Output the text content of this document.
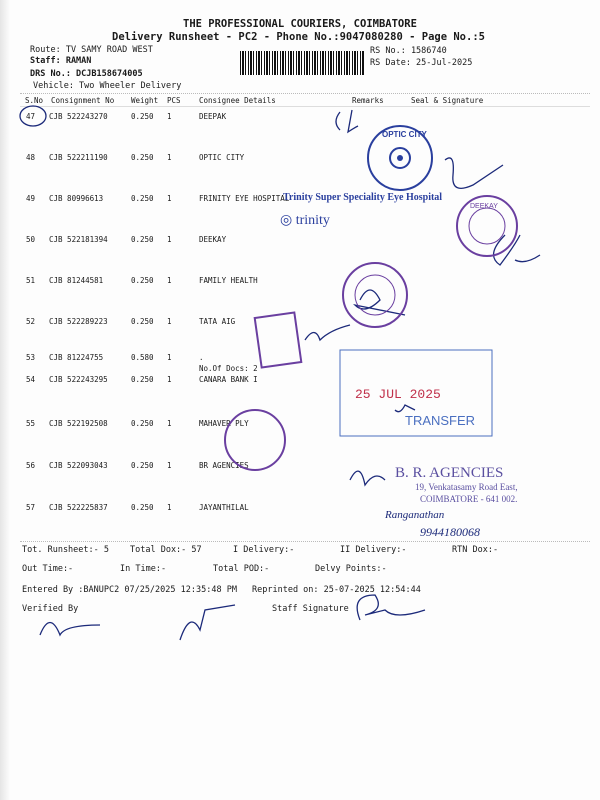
THE PROFESSIONAL COURIERS, COIMBATORE
Delivery Runsheet - PC2 - Phone No.:9047080280 - Page No.:5
Route: TV SAMY ROAD WEST
Staff: RAMAN
DRS No.: DCJB158674005
Vehicle: Two Wheeler Delivery
RS No.: 1586740
RS Date: 25-Jul-2025
S.No Consignment No Weight PCS Consignee Details	Remarks	Seal & Signature
47 CJB 522243270	0.250 1	DEEPAK
48 CJB 522211190	0.250 1	OPTIC CITY
49 CJB 80996613	0.250 1	FRINITY EYE HOSPITAL
50 CJB 522181394	0.250 1	DEEKAY
51 CJB 81244581	0.250 1	FAMILY HEALTH
52 CJB 522289223	0.250 1	TATA AIG
53 CJB 81224755	0.580 1	.
No.Of Docs: 2
54 CJB 522243295	0.250 1	CANARA BANK I
55 CJB 522192508	0.250 1	MAHAVER PLY
56 CJB 522093043	0.250 1	BR AGENCIES
57 CJB 522225837	0.250 1	JAYANTHILAL
Tot. Runsheet:- 5 Total Dox:- 57	I Delivery:-	II Delivery:-	RTN Dox:-
Out Time:-	In Time:-	Total POD:-	Delvy Points:-
Entered By :BANUPC2 07/25/2025 12:35:48 PM Reprinted on: 25-07-2025 12:54:44
Verified By	Staff Signature
OPTIC CITY
Trinity Super Speciality Eye Hospital
◎ trinity
DEEKAY
25 JUL 2025
TRANSFER
B. R. AGENCIES
19, Venkatasamy Road East,
COIMBATORE - 641 002.
Ranganathan
9944180068
